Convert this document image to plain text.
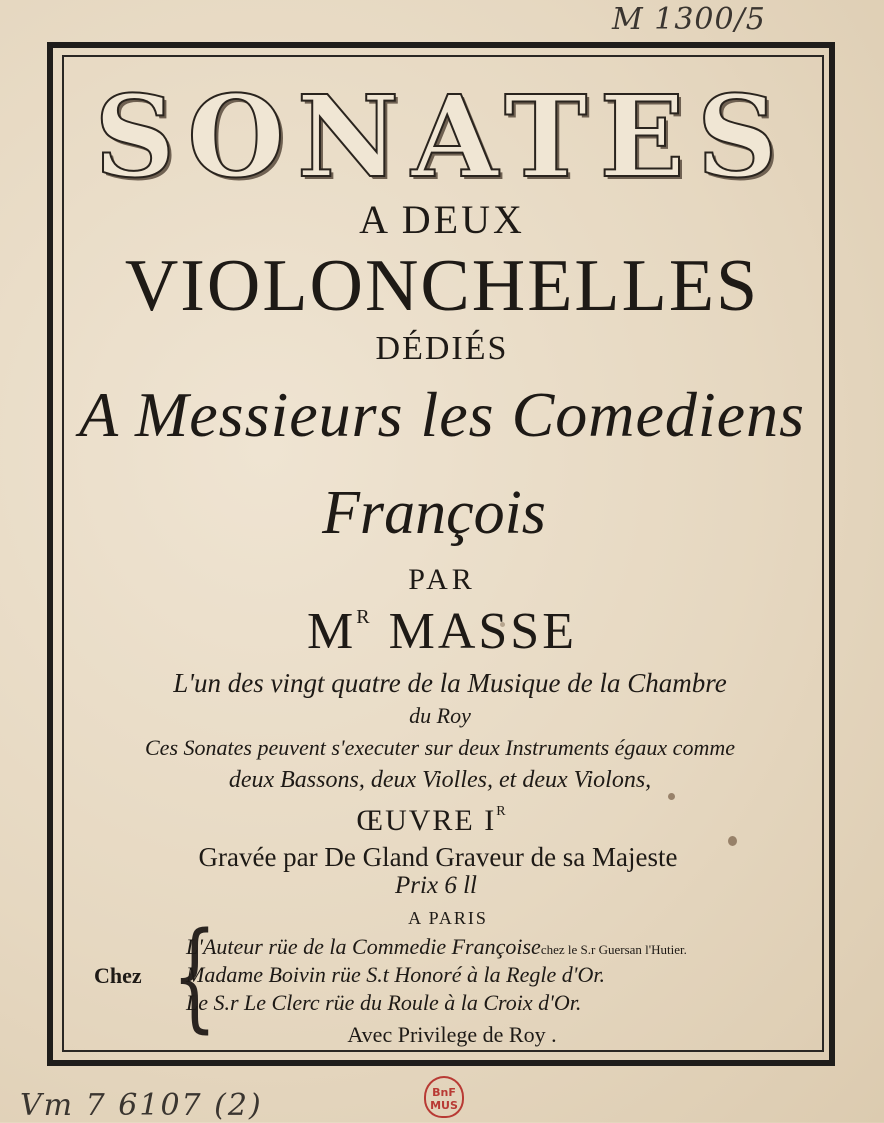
M 1300/5
SONATES
A DEUX
VIOLONCHELLES
DÉDIÉS
A Messieurs les Comediens
François
PAR
$M^R$ MASSE
L'un des vingt quatre de la Musique de la Chambre
du Roy
Ces Sonates peuvent s'executer sur deux Instruments égaux comme
deux Bassons, deux Violles, et deux Violons,
ŒUVRE $I^R$
Gravée par De Gland Graveur de sa Majeste
Prix 6 ll
A PARIS
Chez {
L'Auteur rüe de la Commedie Françoisechez le S.r Guersan l'Hutier.
Madame Boivin rüe S.t Honoré à la Regle d'Or.
Le S.r Le Clerc rüe du Roule à la Croix d'Or.
Avec Privilege de Roy .
Vm 7 6107 (2)	BnF
MUS
